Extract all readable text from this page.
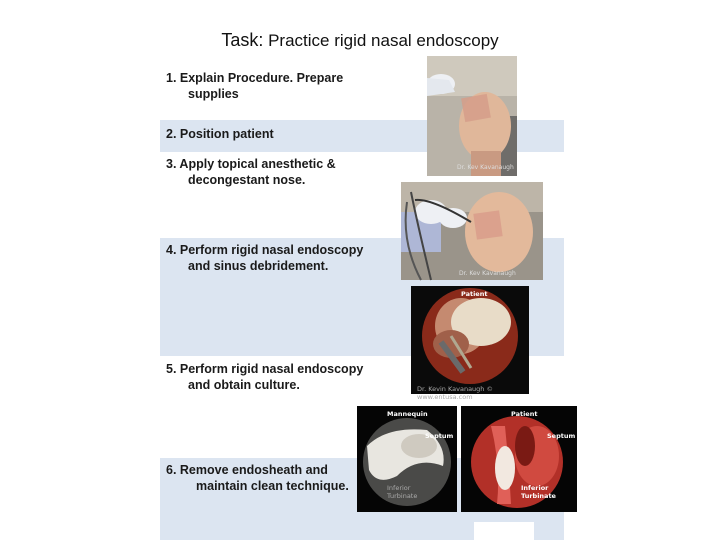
Task: Practice rigid nasal endoscopy
1. Explain Procedure. Prepare
supplies
2. Position patient
3. Apply topical anesthetic &
decongestant nose.
4. Perform rigid nasal endoscopy
and sinus debridement.
5. Perform rigid nasal endoscopy
and obtain culture.
6. Remove endosheath and
maintain clean technique.
Dr. Kev Kavanaugh
Dr. Kev Kavanaugh
Patient
Dr. Kevin Kavanaugh © www.entusa.com
Mannequin
Septum
Inferior Turbinate
Patient
Septum
Inferior Turbinate
